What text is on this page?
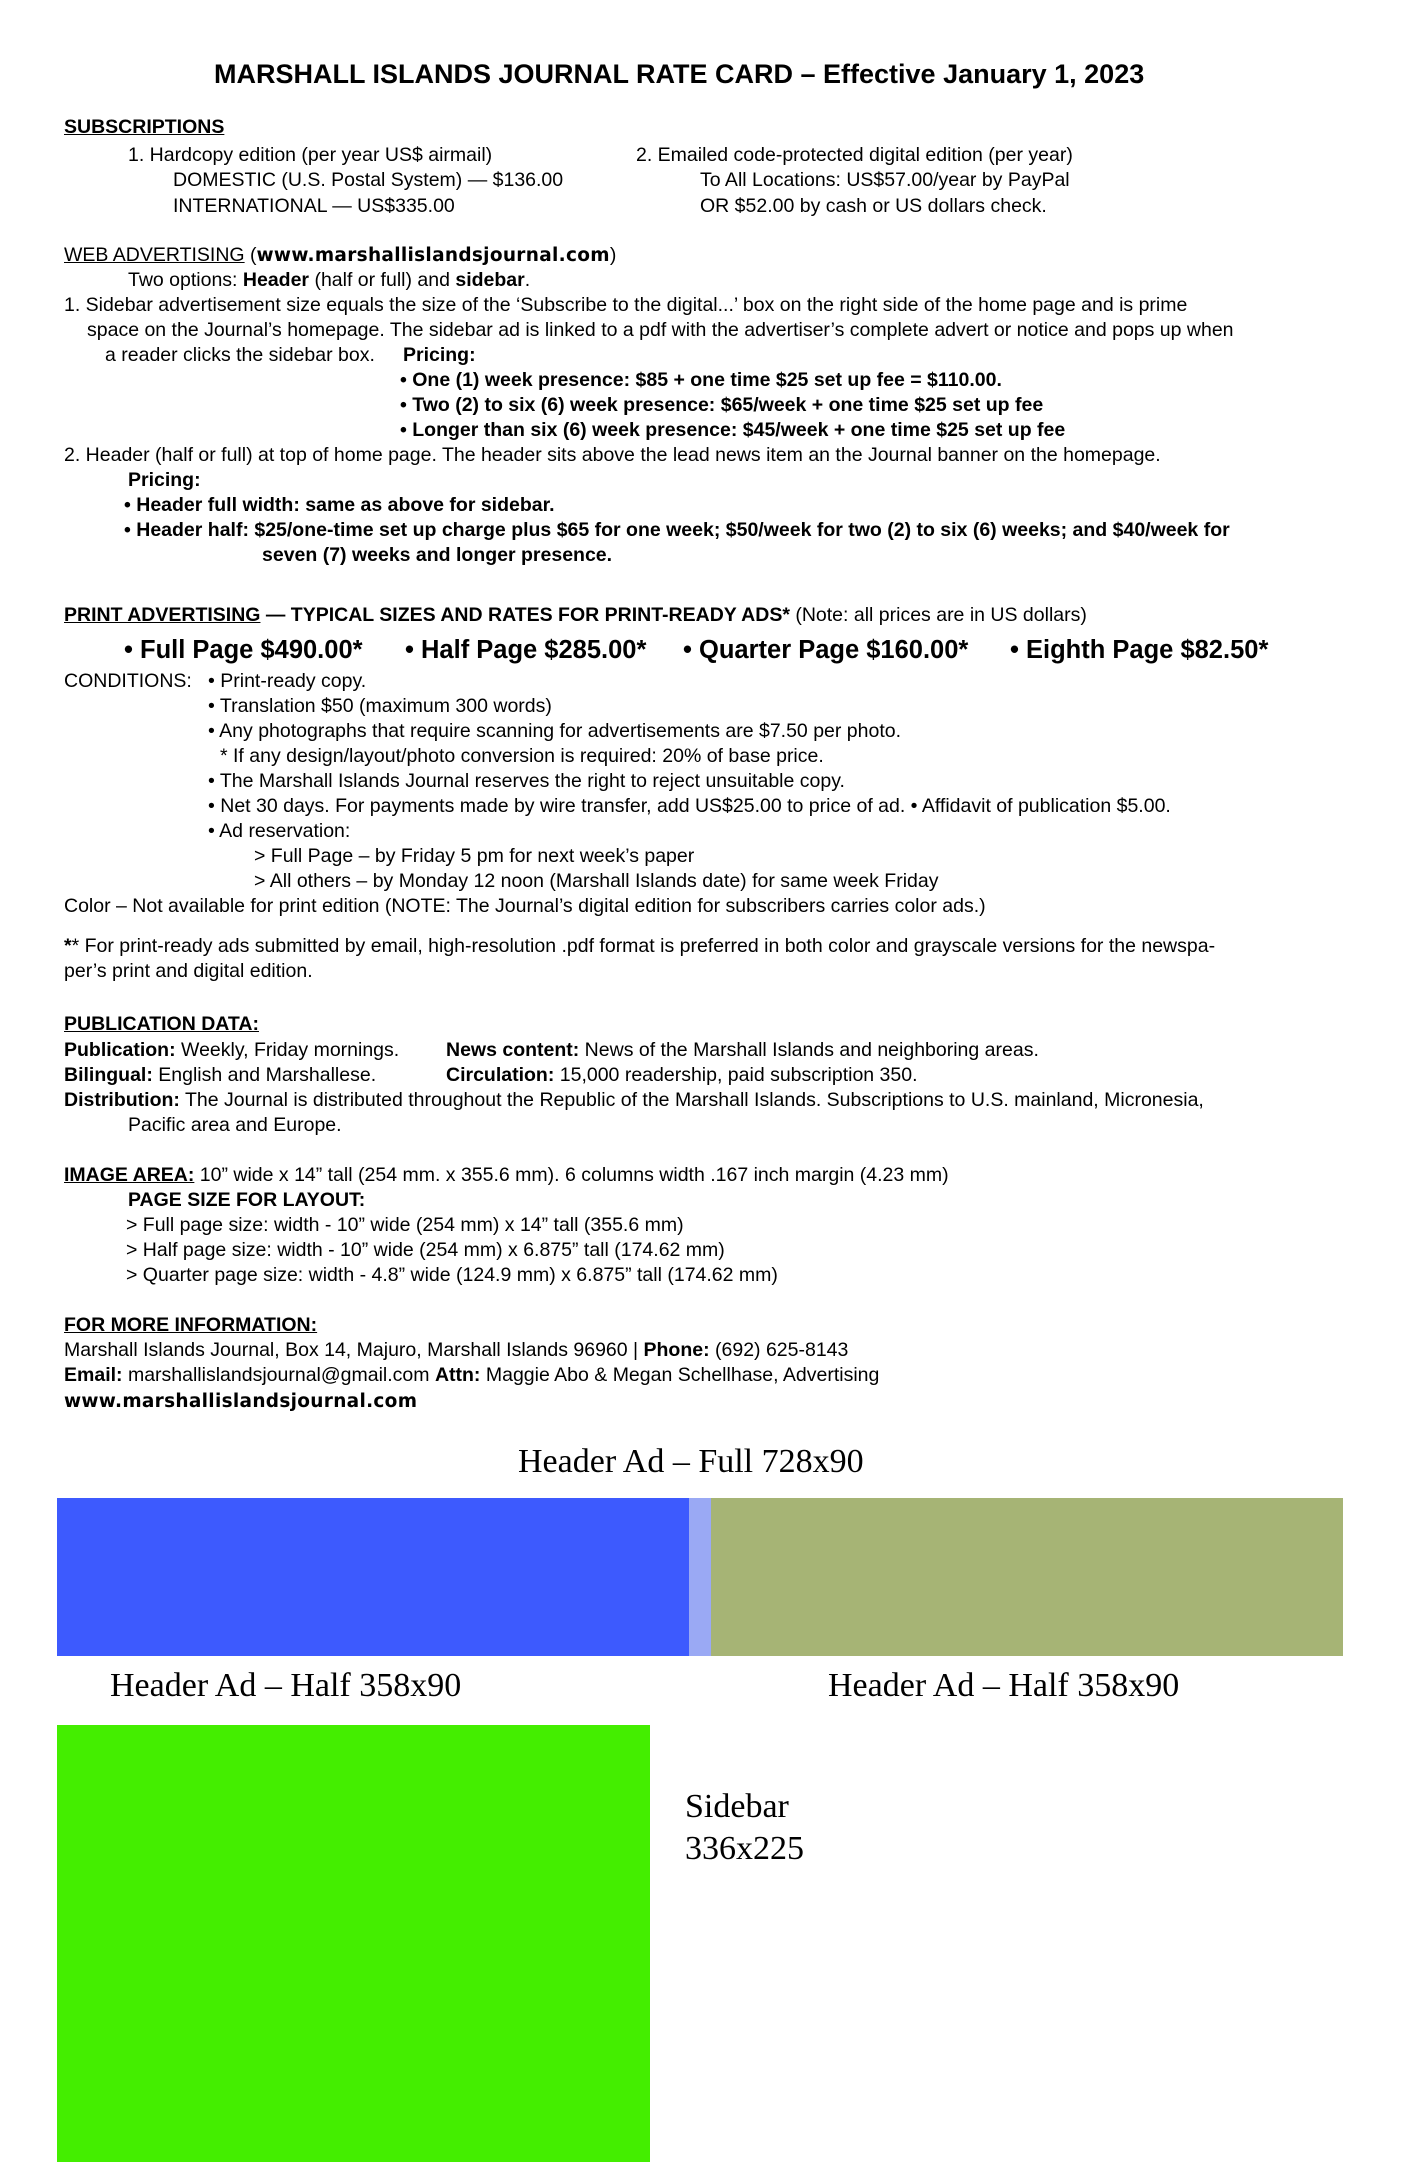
MARSHALL ISLANDS JOURNAL RATE CARD – Effective January 1, 2023
SUBSCRIPTIONS
1. Hardcopy edition (per year US$ airmail)
DOMESTIC (U.S. Postal System) — $136.00
INTERNATIONAL — US$335.00
2. Emailed code-protected digital edition (per year)
To All Locations: US$57.00/year by PayPal
OR $52.00 by cash or US dollars check.
WEB ADVERTISING (www.marshallislandsjournal.com)
Two options: Header (half or full) and sidebar.
1. Sidebar advertisement size equals the size of the ‘Subscribe to the digital...’ box on the right side of the home page and is prime
space on the Journal’s homepage. The sidebar ad is linked to a pdf with the advertiser’s complete advert or notice and pops up when
a reader clicks the sidebar box. Pricing:
• One (1) week presence: $85 + one time $25 set up fee = $110.00.
• Two (2) to six (6) week presence: $65/week + one time $25 set up fee
• Longer than six (6) week presence: $45/week + one time $25 set up fee
2. Header (half or full) at top of home page. The header sits above the lead news item an the Journal banner on the homepage.
Pricing:
• Header full width: same as above for sidebar.
• Header half: $25/one-time set up charge plus $65 for one week; $50/week for two (2) to six (6) weeks; and $40/week for
seven (7) weeks and longer presence.
PRINT ADVERTISING — TYPICAL SIZES AND RATES FOR PRINT-READY ADS* (Note: all prices are in US dollars)
• Full Page $490.00* • Half Page $285.00* • Quarter Page $160.00* • Eighth Page $82.50*
CONDITIONS: • Print-ready copy.
• Translation $50 (maximum 300 words)
• Any photographs that require scanning for advertisements are $7.50 per photo.
* If any design/layout/photo conversion is required: 20% of base price.
• The Marshall Islands Journal reserves the right to reject unsuitable copy.
• Net 30 days. For payments made by wire transfer, add US$25.00 to price of ad. • Affidavit of publication $5.00.
• Ad reservation:
> Full Page – by Friday 5 pm for next week’s paper
> All others – by Monday 12 noon (Marshall Islands date) for same week Friday
Color – Not available for print edition (NOTE: The Journal’s digital edition for subscribers carries color ads.)
** For print-ready ads submitted by email, high-resolution .pdf format is preferred in both color and grayscale versions for the newspa-
per’s print and digital edition.
PUBLICATION DATA:
Publication: Weekly, Friday mornings. News content: News of the Marshall Islands and neighboring areas.
Bilingual: English and Marshallese.	Circulation: 15,000 readership, paid subscription 350.
Distribution: The Journal is distributed throughout the Republic of the Marshall Islands. Subscriptions to U.S. mainland, Micronesia,
Pacific area and Europe.
IMAGE AREA: 10” wide x 14” tall (254 mm. x 355.6 mm). 6 columns width .167 inch margin (4.23 mm)
PAGE SIZE FOR LAYOUT:
> Full page size: width - 10” wide (254 mm) x 14” tall (355.6 mm)
> Half page size: width - 10” wide (254 mm) x 6.875” tall (174.62 mm)
> Quarter page size: width - 4.8” wide (124.9 mm) x 6.875” tall (174.62 mm)
FOR MORE INFORMATION:
Marshall Islands Journal, Box 14, Majuro, Marshall Islands 96960 | Phone: (692) 625-8143
Email: marshallislandsjournal@gmail.com Attn: Maggie Abo & Megan Schellhase, Advertising
www.marshallislandsjournal.com
Header Ad – Full 728x90
Header Ad – Half 358x90	Header Ad – Half 358x90
Sidebar
336x225
